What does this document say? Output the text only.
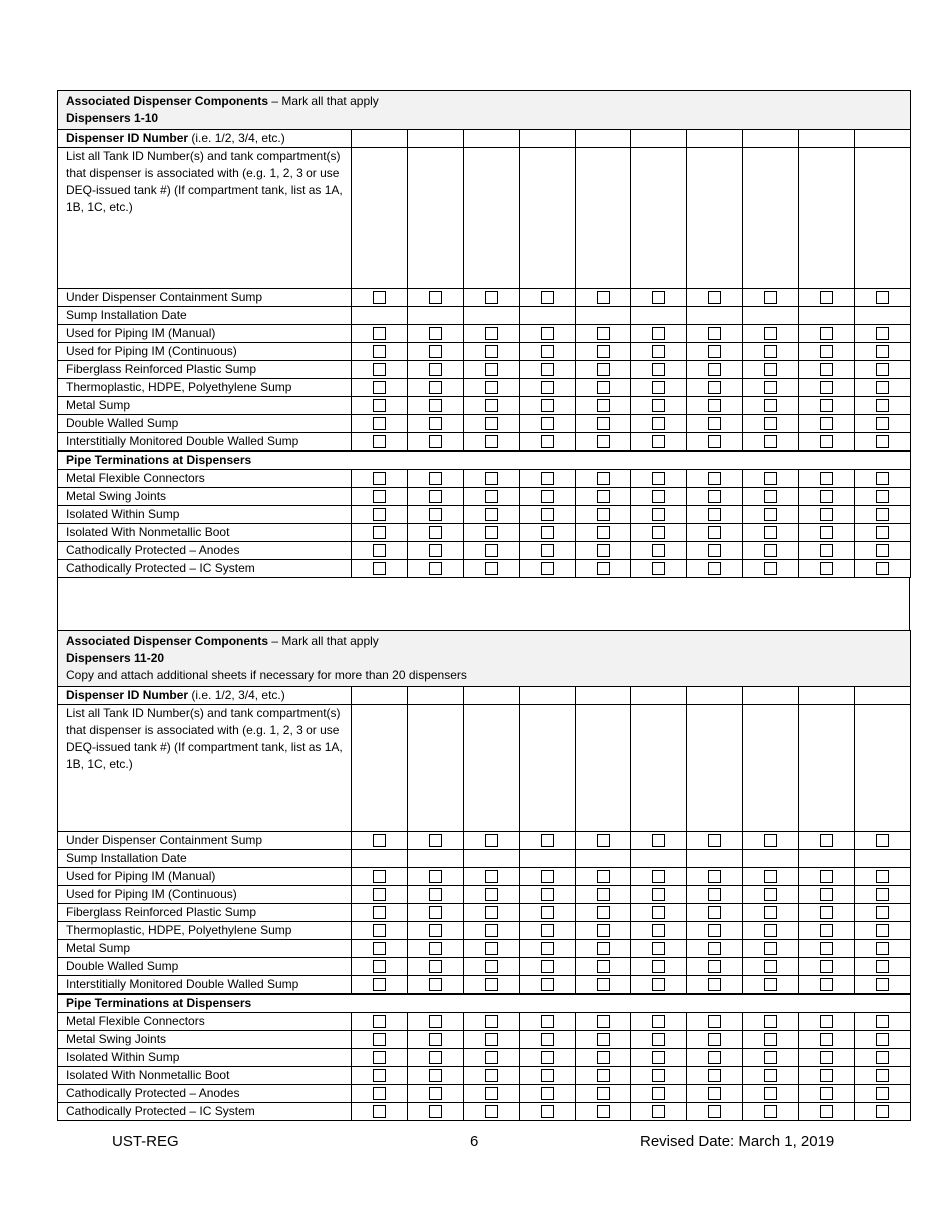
Associated Dispenser Components – Mark all that apply
Dispensers 1-10										
Dispenser ID Number (i.e. 1/2, 3/4, etc.)										
List all Tank ID Number(s) and tank compartment(s) that dispenser is associated with (e.g. 1, 2, 3 or use DEQ-issued tank #) (If compartment tank, list as 1A, 1B, 1C, etc.)										
Under Dispenser Containment Sump										
Sump Installation Date										
Used for Piping IM (Manual)										
Used for Piping IM (Continuous)										
Fiberglass Reinforced Plastic Sump										
Thermoplastic, HDPE, Polyethylene Sump										
Metal Sump										
Double Walled Sump										
Interstitially Monitored Double Walled Sump										
Pipe Terminations at Dispensers										
Metal Flexible Connectors										
Metal Swing Joints										
Isolated Within Sump										
Isolated With Nonmetallic Boot										
Cathodically Protected – Anodes										
Cathodically Protected – IC System										
Associated Dispenser Components – Mark all that apply
Dispensers 11-20
Copy and attach additional sheets if necessary for more than 20 dispensers										
Dispenser ID Number (i.e. 1/2, 3/4, etc.)										
List all Tank ID Number(s) and tank compartment(s) that dispenser is associated with (e.g. 1, 2, 3 or use DEQ-issued tank #) (If compartment tank, list as 1A, 1B, 1C, etc.)										
Under Dispenser Containment Sump										
Sump Installation Date										
Used for Piping IM (Manual)										
Used for Piping IM (Continuous)										
Fiberglass Reinforced Plastic Sump										
Thermoplastic, HDPE, Polyethylene Sump										
Metal Sump										
Double Walled Sump										
Interstitially Monitored Double Walled Sump										
Pipe Terminations at Dispensers										
Metal Flexible Connectors										
Metal Swing Joints										
Isolated Within Sump										
Isolated With Nonmetallic Boot										
Cathodically Protected – Anodes										
Cathodically Protected – IC System										
UST-REG	6	Revised Date: March 1, 2019
